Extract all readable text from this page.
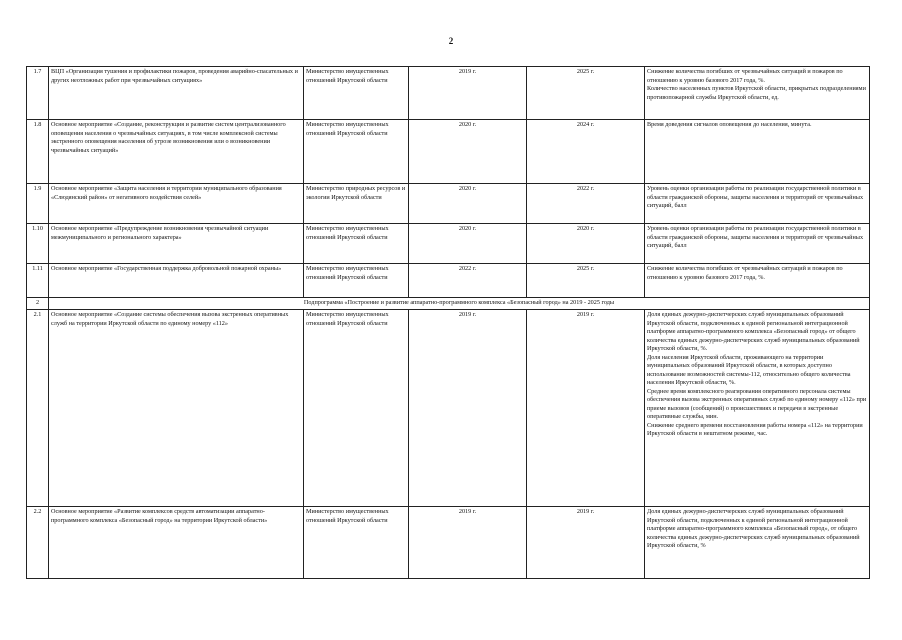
2
1.7	ВЦП «Организация тушения и профилактики пожаров, проведения аварийно-спасательных и других неотложных работ при чрезвычайных ситуациях»	Министерство имущественных отношений Иркутской области	2019 г.	2025 г.	Снижение количества погибших от чрезвычайных ситуаций и пожаров по отношению к уровню базового 2017 года, %.
Количество населенных пунктов Иркутской области, прикрытых подразделениями противопожарной службы Иркутской области, ед.

1.8	Основное мероприятие «Создание, реконструкция и развитие систем централизованного оповещения населения о чрезвычайных ситуациях, в том числе комплексной системы экстренного оповещения населения об угрозе возникновения или о возникновении чрезвычайных ситуаций»	Министерство имущественных отношений Иркутской области	2020 г.	2024 г.	Время доведения сигналов оповещения до населения, минута.

1.9	Основное мероприятие «Защита населения и территории муниципального образования «Слюдянский район» от негативного воздействия селей»	Министерство природных ресурсов и экологии Иркутской области	2020 г.	2022 г.	Уровень оценки организации работы по реализации государственной политики в области гражданской обороны, защиты населения и территорий от чрезвычайных ситуаций, балл

1.10	Основное мероприятие «Предупреждение возникновения чрезвычайной ситуации межмуниципального и регионального характера»	Министерство имущественных отношений Иркутской области	2020 г.	2020 г.	Уровень оценки организации работы по реализации государственной политики в области гражданской обороны, защиты населения и территорий от чрезвычайных ситуаций, балл

1.11	Основное мероприятие «Государственная поддержка добровольной пожарной охраны»	Министерство имущественных отношений Иркутской области	2022 г.	2025 г.	Снижение количества погибших от чрезвычайных ситуаций и пожаров по отношению к уровню базового 2017 года, %.

2	Подпрограмма «Построение и развитие аппаратно-программного комплекса «Безопасный город» на 2019 - 2025 годы				
2.1	Основное мероприятие «Создание системы обеспечения вызова экстренных оперативных служб на территории Иркутской области по единому номеру «112»	Министерство имущественных отношений Иркутской области	2019 г.	2019 г.	Доля единых дежурно-диспетчерских служб муниципальных образований Иркутской области, подключенных к единой региональной интеграционной платформе аппаратно-программного комплекса «Безопасный город» от общего количества единых дежурно-диспетчерских служб муниципальных образований Иркутской области, %.
Доля населения Иркутской области, проживающего на территории муниципальных образований Иркутской области, в которых доступно использование возможностей системы-112, относительно общего количества населения Иркутской области, %.
Среднее время комплексного реагирования оперативного персонала системы обеспечения вызова экстренных оперативных служб по единому номеру «112» при приеме вызовов (сообщений) о происшествиях и передачи в экстренные оперативные службы, мин.
Снижение среднего времени восстановления работы номера «112» на территории Иркутской области в нештатном режиме, час.

2.2	Основное мероприятие «Развитие комплексов средств автоматизации аппаратно-программного комплекса «Безопасный город» на территории Иркутской области»	Министерство имущественных отношений Иркутской области	2019 г.	2019 г.	Доля единых дежурно-диспетчерских служб муниципальных образований Иркутской области, подключенных к единой региональной интеграционной платформе аппаратно-программного комплекса «Безопасный город», от общего количества единых дежурно-диспетчерских служб муниципальных образований Иркутской области, %
